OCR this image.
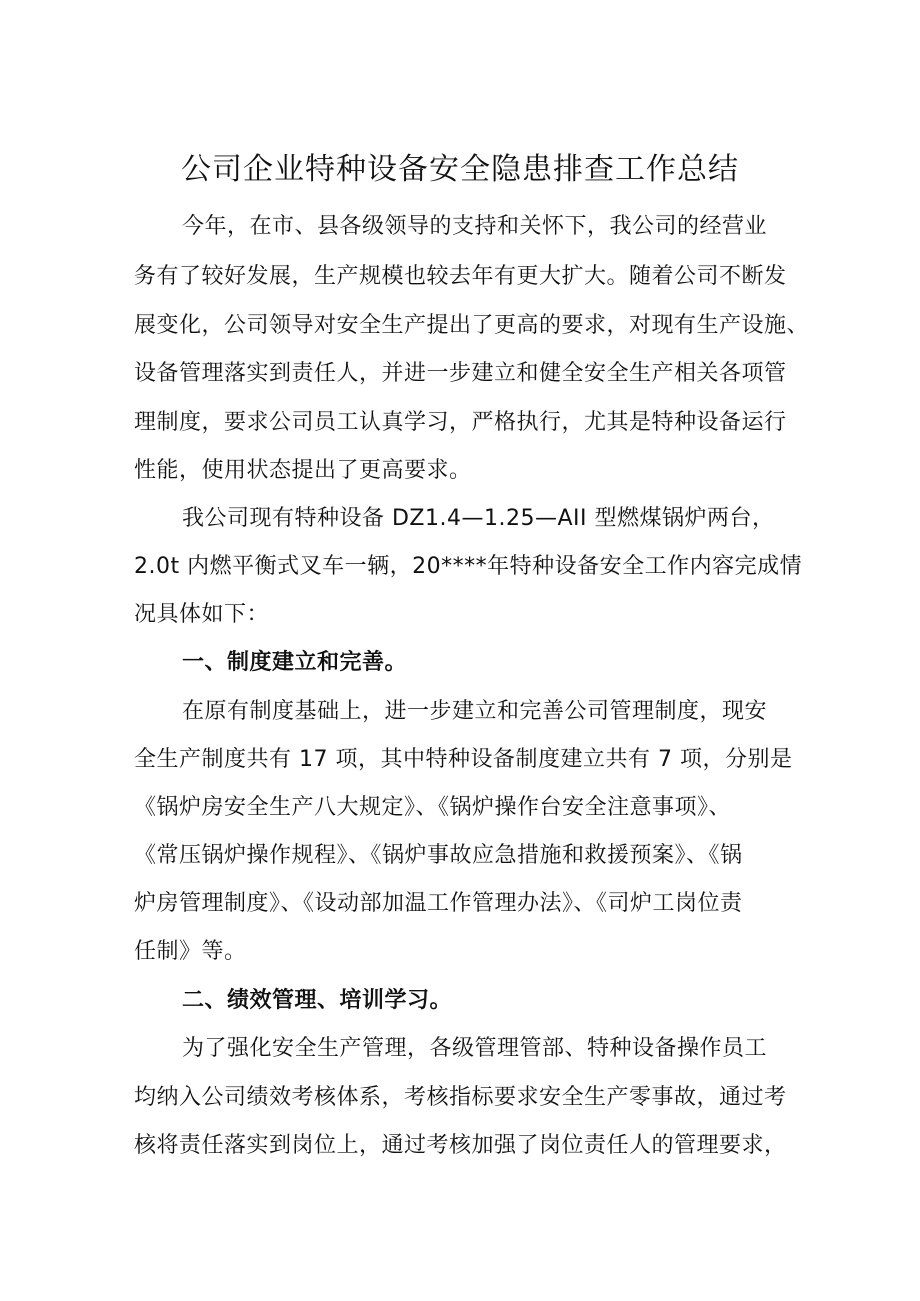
公司企业特种设备安全隐患排查工作总结
今年，在市、县各级领导的支持和关怀下，我公司的经营业
务有了较好发展，生产规模也较去年有更大扩大。随着公司不断发
展变化，公司领导对安全生产提出了更高的要求，对现有生产设施、
设备管理落实到责任人，并进一步建立和健全安全生产相关各项管
理制度，要求公司员工认真学习，严格执行，尤其是特种设备运行
性能，使用状态提出了更高要求。
我公司现有特种设备 DZ1.4—1.25—AII 型燃煤锅炉两台，
2.0t 内燃平衡式叉车一辆，20****年特种设备安全工作内容完成情
况具体如下：
一、制度建立和完善。
在原有制度基础上，进一步建立和完善公司管理制度，现安
全生产制度共有 17 项，其中特种设备制度建立共有 7 项，分别是
《锅炉房安全生产八大规定》、《锅炉操作台安全注意事项》、
《常压锅炉操作规程》、《锅炉事故应急措施和救援预案》、《锅
炉房管理制度》、《设动部加温工作管理办法》、《司炉工岗位责
任制》等。
二、绩效管理、培训学习。
为了强化安全生产管理，各级管理管部、特种设备操作员工
均纳入公司绩效考核体系，考核指标要求安全生产零事故，通过考
核将责任落实到岗位上，通过考核加强了岗位责任人的管理要求，
